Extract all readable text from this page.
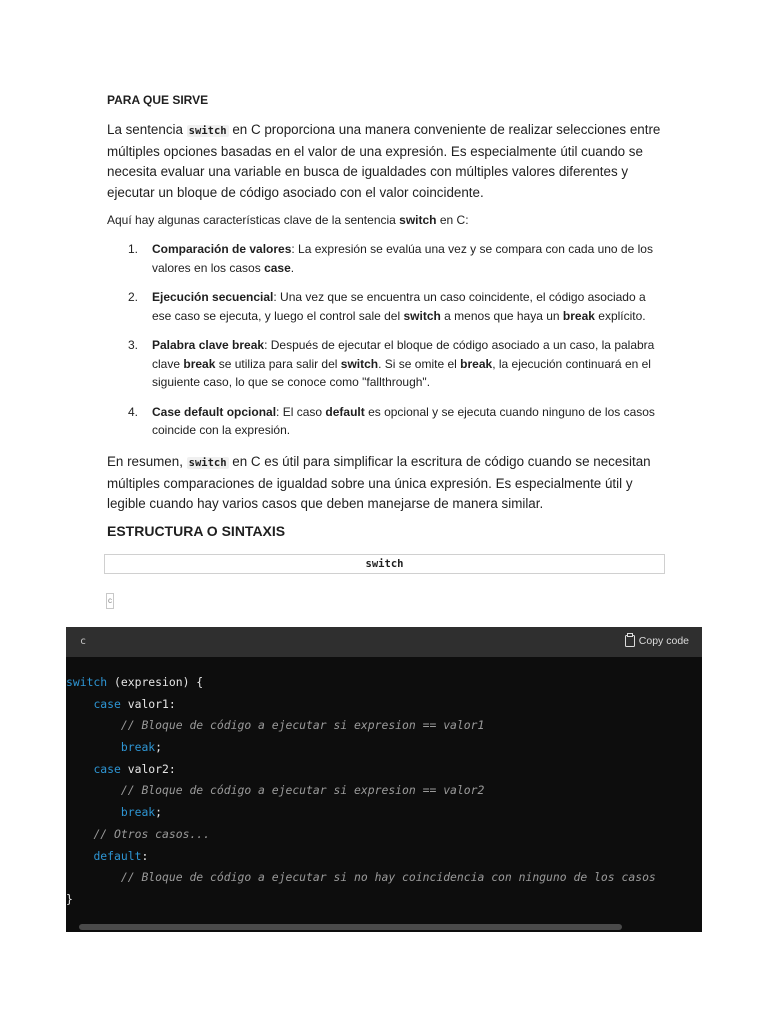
PARA QUE SIRVE

La sentencia switch en C proporciona una manera conveniente de realizar selecciones entre múltiples opciones basadas en el valor de una expresión. Es especialmente útil cuando se necesita evaluar una variable en busca de igualdades con múltiples valores diferentes y ejecutar un bloque de código asociado con el valor coincidente.

Aquí hay algunas características clave de la sentencia switch en C:

1. Comparación de valores: La expresión se evalúa una vez y se compara con cada uno de los valores en los casos case.
2. Ejecución secuencial: Una vez que se encuentra un caso coincidente, el código asociado a ese caso se ejecuta, y luego el control sale del switch a menos que haya un break explícito.
3. Palabra clave break: Después de ejecutar el bloque de código asociado a un caso, la palabra clave break se utiliza para salir del switch. Si se omite el break, la ejecución continuará en el siguiente caso, lo que se conoce como "fallthrough".
4. Case default opcional: El caso default es opcional y se ejecuta cuando ninguno de los casos coincide con la expresión.

En resumen, switch en C es útil para simplificar la escritura de código cuando se necesitan múltiples comparaciones de igualdad sobre una única expresión. Es especialmente útil y legible cuando hay varios casos que deben manejarse de manera similar.

ESTRUCTURA O SINTAXIS
switch
c
c	Copy code
switch (expresion) {
case valor1:
// Bloque de código a ejecutar si expresion == valor1
break;
case valor2:
// Bloque de código a ejecutar si expresion == valor2
break;
// Otros casos...
default:
// Bloque de código a ejecutar si no hay coincidencia con ninguno de los casos
}
